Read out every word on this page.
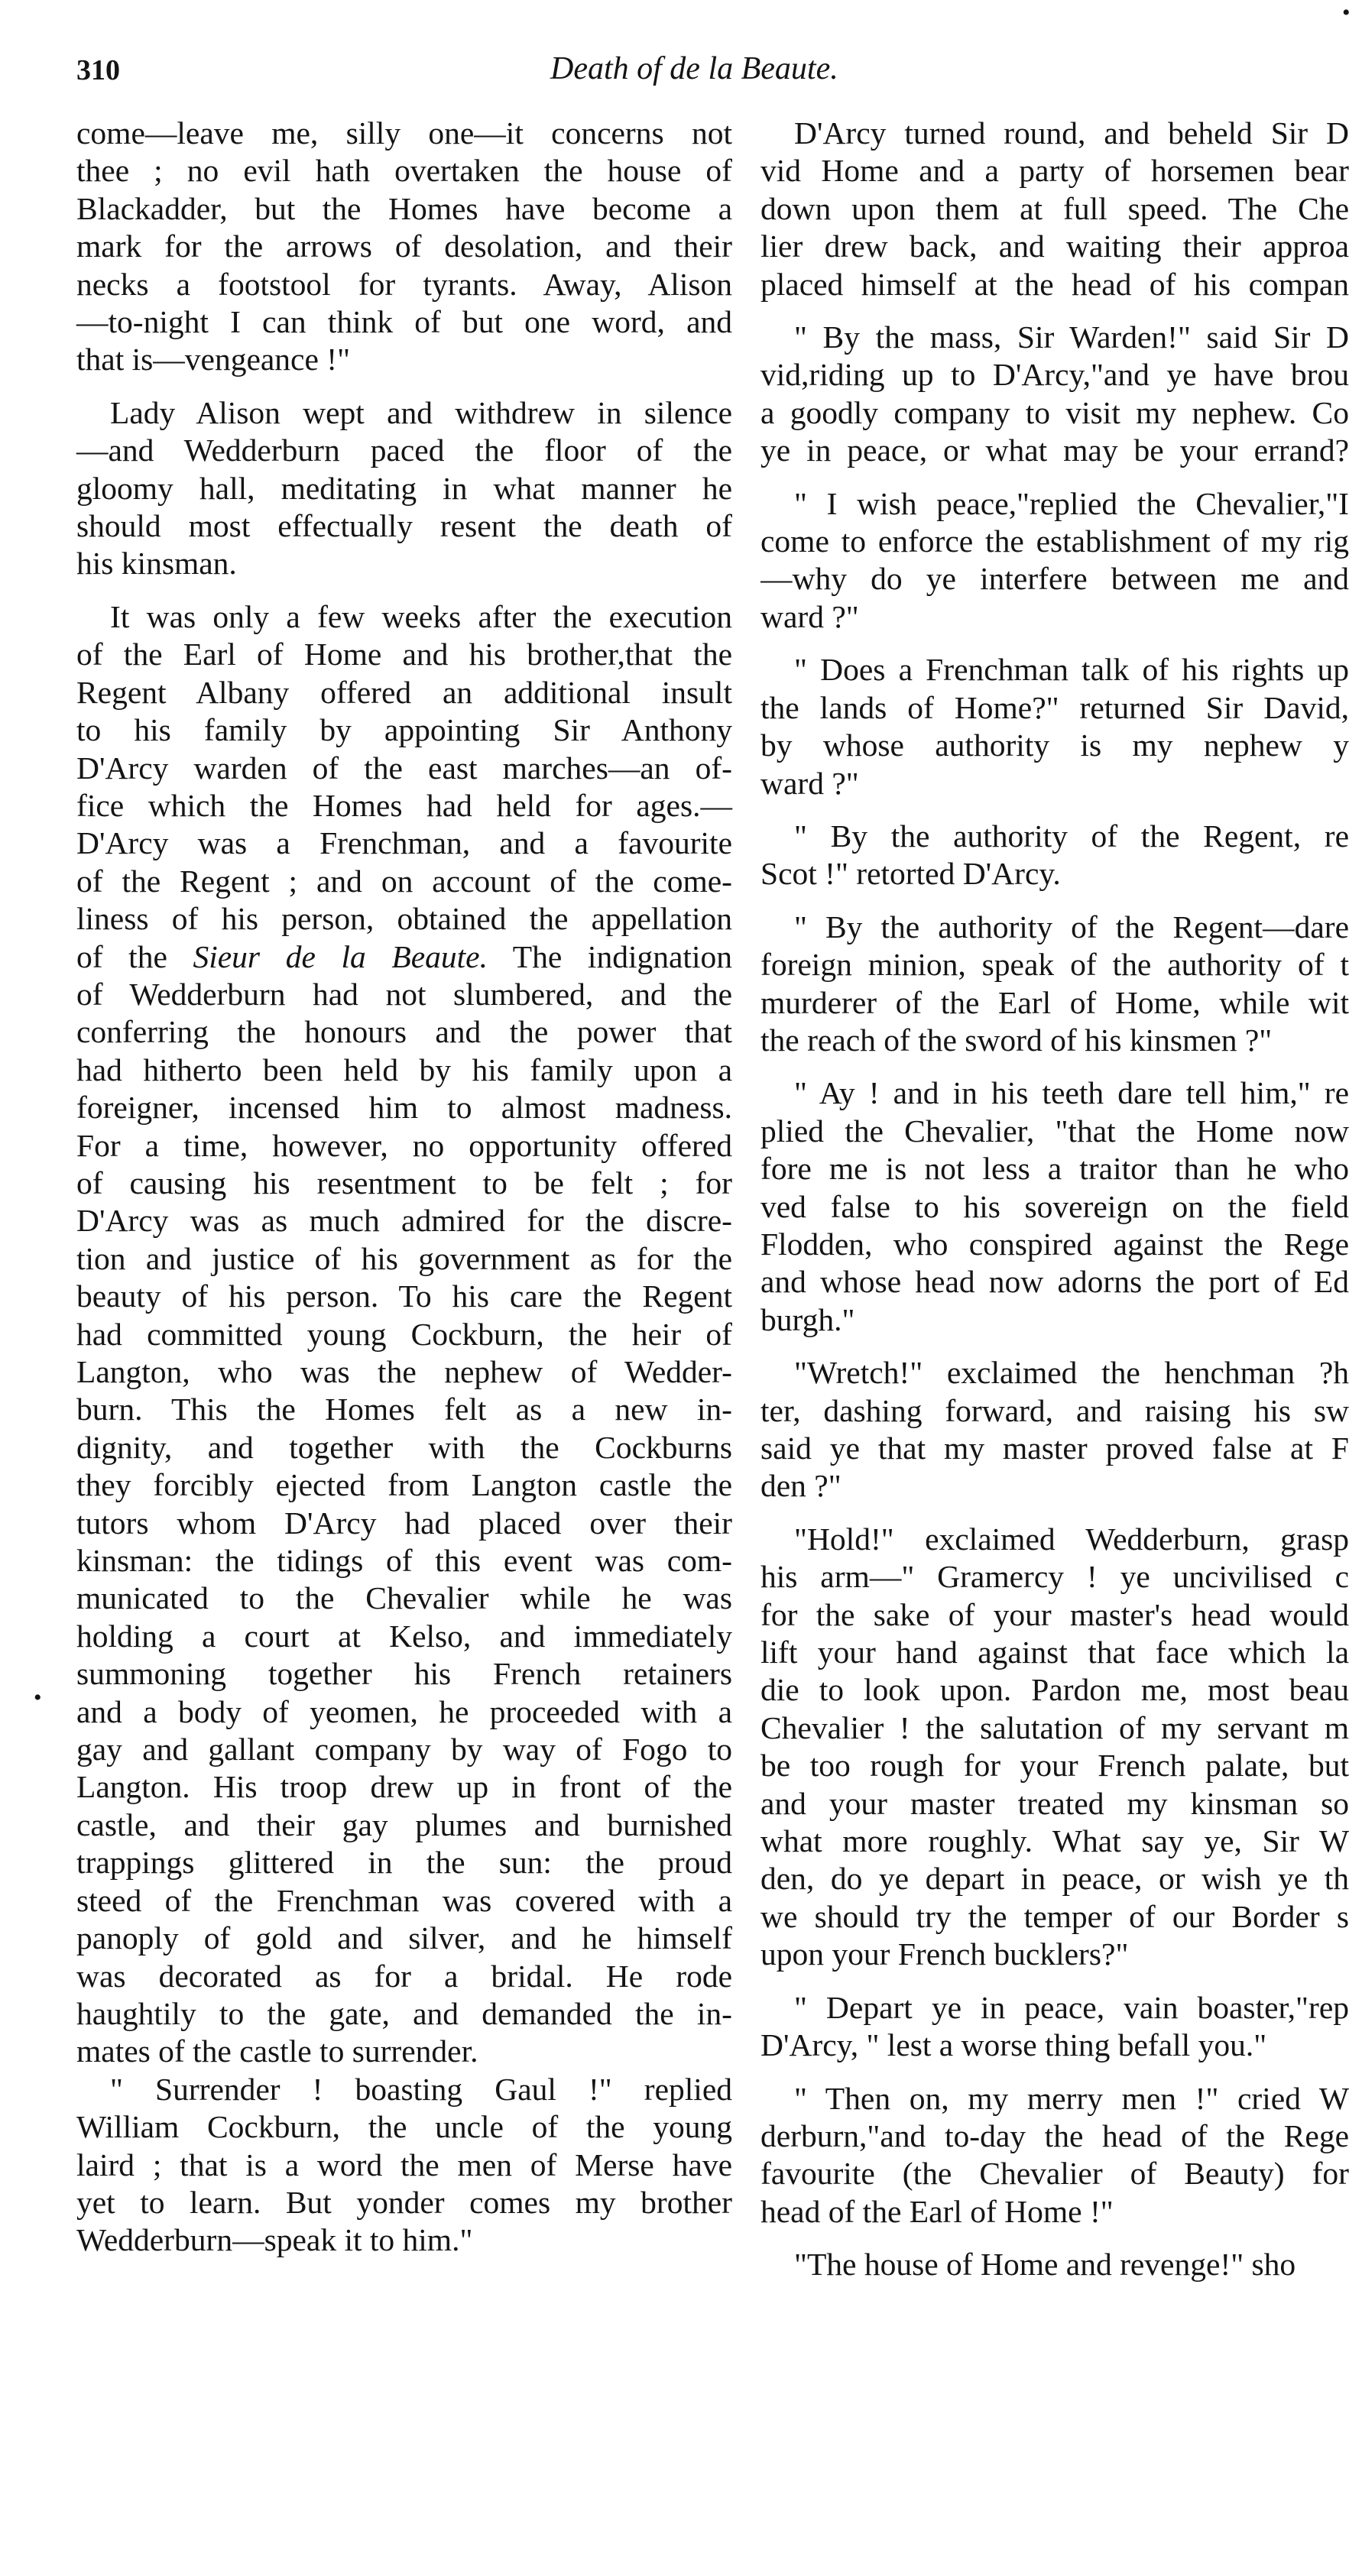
310	Death of de la Beaute.
•
•
come—leave me, silly one—it concerns not
thee ; no evil hath overtaken the house of
Blackadder, but the Homes have become a
mark for the arrows of desolation, and their
necks a footstool for tyrants. Away, Alison
—to-night I can think of but one word, and
that is—vengeance !"
Lady Alison wept and withdrew in silence
—and Wedderburn paced the floor of the
gloomy hall, meditating in what manner he
should most effectually resent the death of
his kinsman.
It was only a few weeks after the execution
of the Earl of Home and his brother,that the
Regent Albany offered an additional insult
to his family by appointing Sir Anthony
D'Arcy warden of the east marches—an of-
fice which the Homes had held for ages.—
D'Arcy was a Frenchman, and a favourite
of the Regent ; and on account of the come-
liness of his person, obtained the appellation
of the Sieur de la Beaute. The indignation
of Wedderburn had not slumbered, and the
conferring the honours and the power that
had hitherto been held by his family upon a
foreigner, incensed him to almost madness.
For a time, however, no opportunity offered
of causing his resentment to be felt ; for
D'Arcy was as much admired for the discre-
tion and justice of his government as for the
beauty of his person. To his care the Regent
had committed young Cockburn, the heir of
Langton, who was the nephew of Wedder-
burn. This the Homes felt as a new in-
dignity, and together with the Cockburns
they forcibly ejected from Langton castle the
tutors whom D'Arcy had placed over their
kinsman: the tidings of this event was com-
municated to the Chevalier while he was
holding a court at Kelso, and immediately
summoning together his French retainers
and a body of yeomen, he proceeded with a
gay and gallant company by way of Fogo to
Langton. His troop drew up in front of the
castle, and their gay plumes and burnished
trappings glittered in the sun: the proud
steed of the Frenchman was covered with a
panoply of gold and silver, and he himself
was decorated as for a bridal. He rode
haughtily to the gate, and demanded the in-
mates of the castle to surrender.
" Surrender ! boasting Gaul !" replied
William Cockburn, the uncle of the young
laird ; that is a word the men of Merse have
yet to learn. But yonder comes my brother
Wedderburn—speak it to him."
D'Arcy turned round, and beheld Sir D
vid Home and a party of horsemen bear
down upon them at full speed. The Che
lier drew back, and waiting their approa
placed himself at the head of his compan
" By the mass, Sir Warden!" said Sir D
vid,riding up to D'Arcy,"and ye have brou
a goodly company to visit my nephew. Co
ye in peace, or what may be your errand?
" I wish peace,"replied the Chevalier,"I
come to enforce the establishment of my rig
—why do ye interfere between me and
ward ?"
" Does a Frenchman talk of his rights up
the lands of Home?" returned Sir David,
by whose authority is my nephew y
ward ?"
" By the authority of the Regent, re
Scot !" retorted D'Arcy.
" By the authority of the Regent—dare
foreign minion, speak of the authority of t
murderer of the Earl of Home, while wit
the reach of the sword of his kinsmen ?"
" Ay ! and in his teeth dare tell him," re
plied the Chevalier, "that the Home now
fore me is not less a traitor than he who
ved false to his sovereign on the field
Flodden, who conspired against the Rege
and whose head now adorns the port of Ed
burgh."
"Wretch!" exclaimed the henchman ?h
ter, dashing forward, and raising his sw
said ye that my master proved false at F
den ?"
"Hold!" exclaimed Wedderburn, grasp
his arm—" Gramercy ! ye uncivilised c
for the sake of your master's head would
lift your hand against that face which la
die to look upon. Pardon me, most beau
Chevalier ! the salutation of my servant m
be too rough for your French palate, but
and your master treated my kinsman so
what more roughly. What say ye, Sir W
den, do ye depart in peace, or wish ye th
we should try the temper of our Border s
upon your French bucklers?"
" Depart ye in peace, vain boaster,"rep
D'Arcy, " lest a worse thing befall you."
" Then on, my merry men !" cried W
derburn,"and to-day the head of the Rege
favourite (the Chevalier of Beauty) for
head of the Earl of Home !"
"The house of Home and revenge!" sho
